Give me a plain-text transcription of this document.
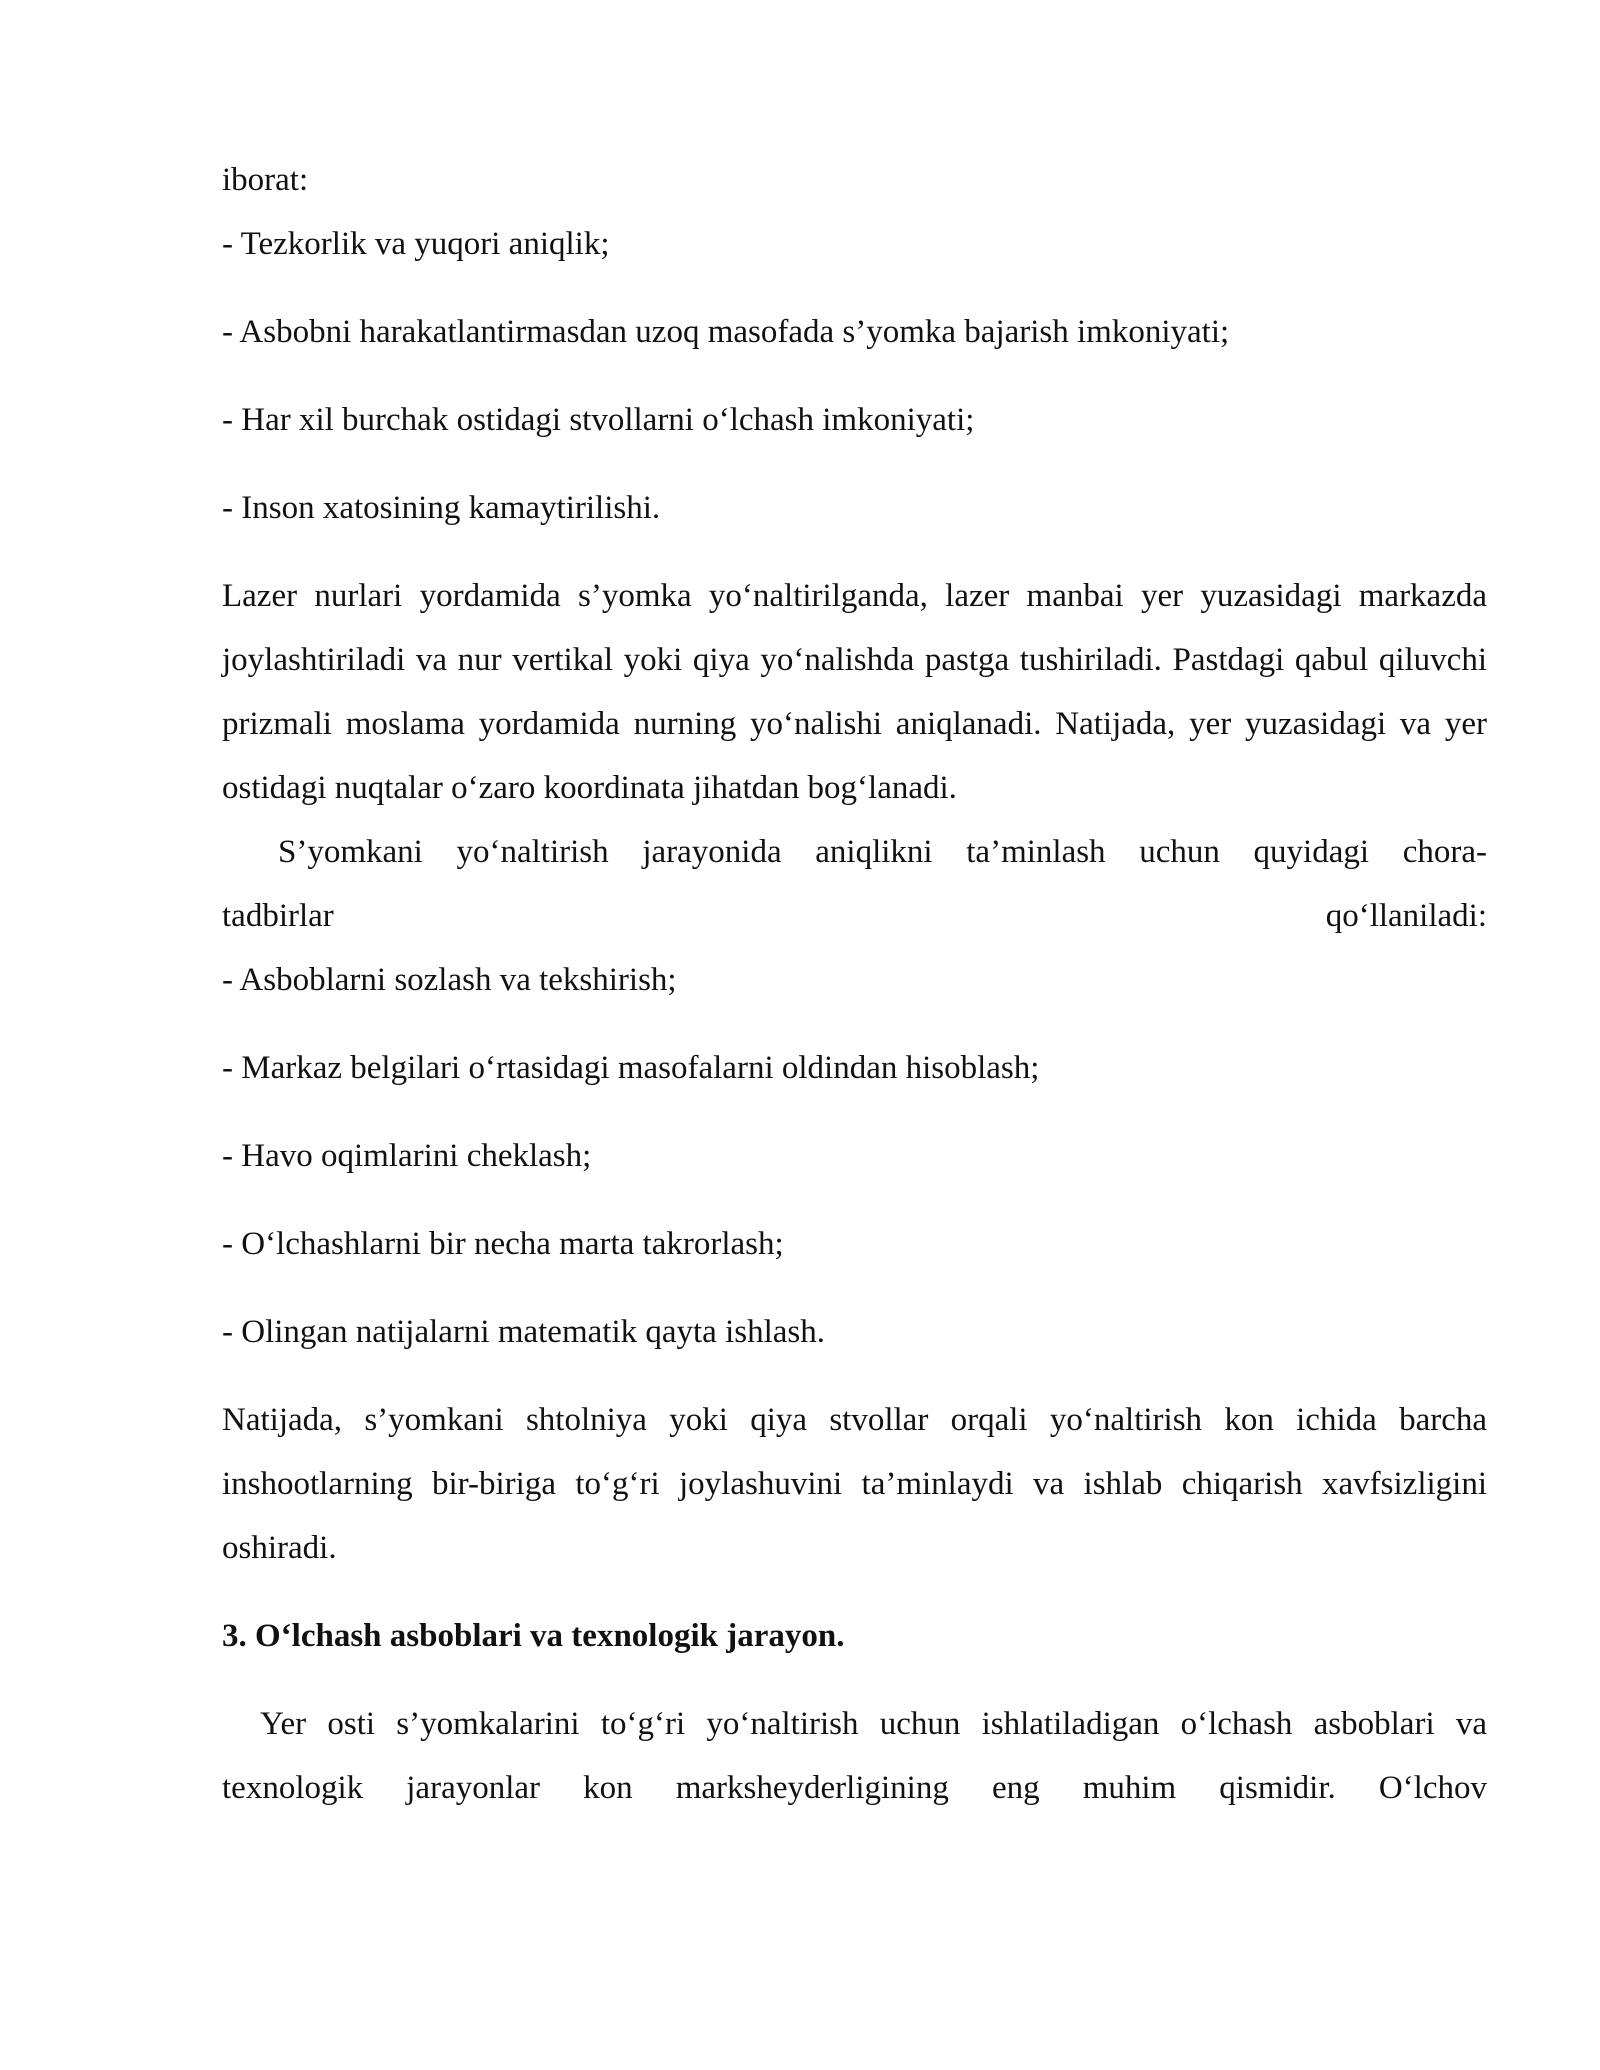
iborat:
- Tezkorlik va yuqori aniqlik;
- Asbobni harakatlantirmasdan uzoq masofada s’yomka bajarish imkoniyati;
- Har xil burchak ostidagi stvollarni o‘lchash imkoniyati;
- Inson xatosining kamaytirilishi.

Lazer nurlari yordamida s’yomka yo‘naltirilganda, lazer manbai yer yuzasidagi markazda joylashtiriladi va nur vertikal yoki qiya yo‘nalishda pastga tushiriladi. Pastdagi qabul qiluvchi prizmali moslama yordamida nurning yo‘nalishi aniqlanadi. Natijada, yer yuzasidagi va yer ostidagi nuqtalar o‘zaro koordinata jihatdan bog‘lanadi.

S’yomkani yo‘naltirish jarayonida aniqlikni ta’minlash uchun quyidagi chora-

tadbirlar	qo‘llaniladi:
- Asboblarni sozlash va tekshirish;
- Markaz belgilari o‘rtasidagi masofalarni oldindan hisoblash;
- Havo oqimlarini cheklash;
- O‘lchashlarni bir necha marta takrorlash;
- Olingan natijalarni matematik qayta ishlash.

Natijada, s’yomkani shtolniya yoki qiya stvollar orqali yo‘naltirish kon ichida barcha inshootlarning bir-biriga to‘g‘ri joylashuvini ta’minlaydi va ishlab chiqarish xavfsizligini oshiradi.

3. O‘lchash asboblari va texnologik jarayon.

Yer osti s’yomkalarini to‘g‘ri yo‘naltirish uchun ishlatiladigan o‘lchash asboblari va texnologik jarayonlar kon marksheyderligining eng muhim qismidir. O‘lchov
